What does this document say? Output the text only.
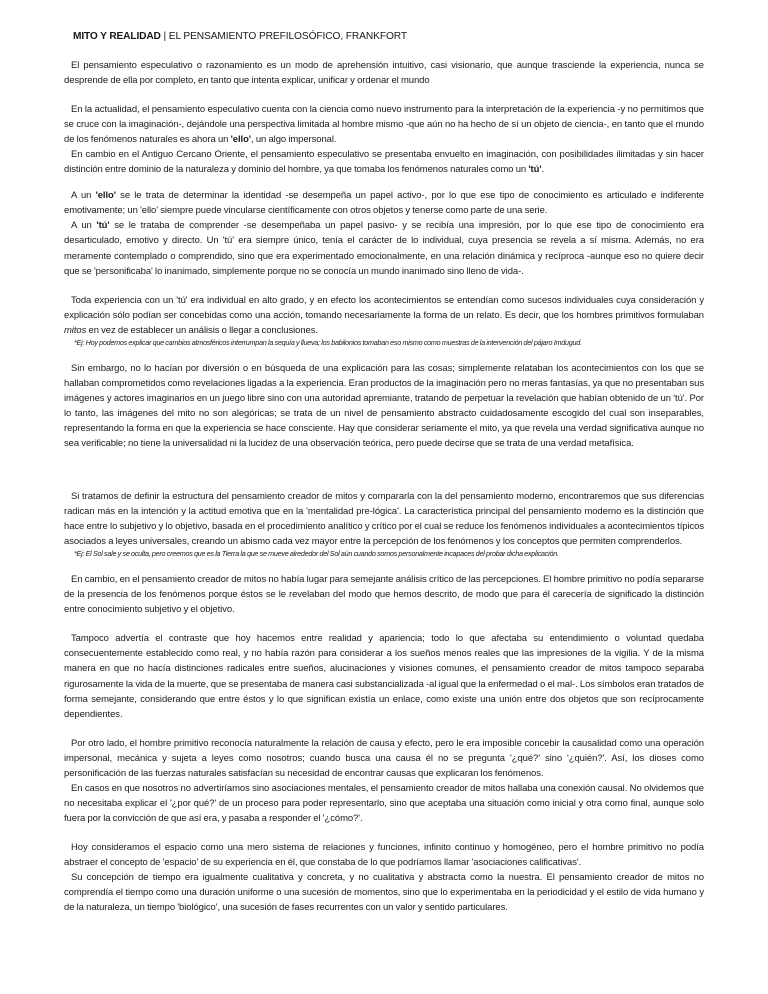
MITO Y REALIDAD | EL PENSAMIENTO PREFILOSÓFICO, FRANKFORT

El pensamiento especulativo o razonamiento es un modo de aprehensión intuitivo, casi visionario, que aunque trasciende la experiencia, nunca se desprende de ella por completo, en tanto que intenta explicar, unificar y ordenar el mundo

En la actualidad, el pensamiento especulativo cuenta con la ciencia como nuevo instrumento para la interpretación de la experiencia -y no permitimos que se cruce con la imaginación-, dejándole una perspectiva limitada al hombre mismo -que aún no ha hecho de sí un objeto de ciencia-, en tanto que el mundo de los fenómenos naturales es ahora un 'ello', un algo impersonal.

En cambio en el Antiguo Cercano Oriente, el pensamiento especulativo se presentaba envuelto en imaginación, con posibilidades ilimitadas y sin hacer distinción entre dominio de la naturaleza y dominio del hombre, ya que tomaba los fenómenos naturales como un 'tú'.

A un 'ello' se le trata de determinar la identidad -se desempeña un papel activo-, por lo que ese tipo de conocimiento es articulado e indiferente emotivamente; un 'ello' siempre puede vincularse científicamente con otros objetos y tenerse como parte de una serie.

A un 'tú' se le trataba de comprender -se desempeñaba un papel pasivo- y se recibía una impresión, por lo que ese tipo de conocimiento era desarticulado, emotivo y directo. Un 'tú' era siempre único, tenía el carácter de lo individual, cuya presencia se revela a sí misma. Además, no era meramente contemplado o comprendido, sino que era experimentado emocionalmente, en una relación dinámica y recíproca -aunque eso no quiere decir que se 'personificaba' lo inanimado, simplemente porque no se conocía un mundo inanimado sino lleno de vida-.

Toda experiencia con un 'tú' era individual en alto grado, y en efecto los acontecimientos se entendían como sucesos individuales cuya consideración y explicación sólo podían ser concebidas como una acción, tomando necesariamente la forma de un relato. Es decir, que los hombres primitivos formulaban mitos en vez de establecer un análisis o llegar a conclusiones.

*Ej: Hoy podemos explicar que cambios atmosféricos interrumpan la sequía y llueva; los babilonios tomaban eso mismo como muestras de la intervención del pájaro Imdugud.

Sin embargo, no lo hacían por diversión o en búsqueda de una explicación para las cosas; simplemente relataban los acontecimientos con los que se hallaban comprometidos como revelaciones ligadas a la experiencia. Eran productos de la imaginación pero no meras fantasías, ya que no presentaban sus imágenes y actores imaginarios en un juego libre sino con una autoridad apremiante, tratando de perpetuar la revelación que habían obtenido de un 'tú'. Por lo tanto, las imágenes del mito no son alegóricas; se trata de un nivel de pensamiento abstracto cuidadosamente escogido del cual son inseparables, representando la forma en que la experiencia se hace consciente. Hay que considerar seriamente el mito, ya que revela una verdad significativa aunque no sea verificable; no tiene la universalidad ni la lucidez de una observación teórica, pero puede decirse que se trata de una verdad metafísica.

Si tratamos de definir la estructura del pensamiento creador de mitos y compararla con la del pensamiento moderno, encontraremos que sus diferencias radican más en la intención y la actitud emotiva que en la 'mentalidad pre-lógica'. La característica principal del pensamiento moderno es la distinción que hace entre lo subjetivo y lo objetivo, basada en el procedimiento analítico y crítico por el cual se reduce los fenómenos individuales a acontecimientos típicos asociados a leyes universales, creando un abismo cada vez mayor entre la percepción de los fenómenos y los conceptos que permiten comprenderlos.

*Ej: El Sol sale y se oculta, pero creemos que es la Tierra la que se mueve alrededor del Sol aún cuando somos personalmente incapaces del probar dicha explicación.

En cambio, en el pensamiento creador de mitos no había lugar para semejante análisis crítico de las percepciones. El hombre primitivo no podía separarse de la presencia de los fenómenos porque éstos se le revelaban del modo que hemos descrito, de modo que para él carecería de significado la distinción entre conocimiento subjetivo y el objetivo.

Tampoco advertía el contraste que hoy hacemos entre realidad y apariencia; todo lo que afectaba su entendimiento o voluntad quedaba consecuentemente establecido como real, y no había razón para considerar a los sueños menos reales que las impresiones de la vigilia. Y de la misma manera en que no hacía distinciones radicales entre sueños, alucinaciones y visiones comunes, el pensamiento creador de mitos tampoco separaba rigurosamente la vida de la muerte, que se presentaba de manera casi substancializada -al igual que la enfermedad o el mal-. Los símbolos eran tratados de forma semejante, considerando que entre éstos y lo que significan existía un enlace, como existe una unión entre dos objetos que son recíprocamente dependientes.

Por otro lado, el hombre primitivo reconocía naturalmente la relación de causa y efecto, pero le era imposible concebir la causalidad como una operación impersonal, mecánica y sujeta a leyes como nosotros; cuando busca una causa él no se pregunta '¿qué?' sino '¿quién?'. Así, los dioses como personificación de las fuerzas naturales satisfacían su necesidad de encontrar causas que explicaran los fenómenos.

En casos en que nosotros no advertiríamos sino asociaciones mentales, el pensamiento creador de mitos hallaba una conexión causal. No olvidemos que no necesitaba explicar el '¿por qué?' de un proceso para poder representarlo, sino que aceptaba una situación como inicial y otra como final, aunque solo fuera por la convicción de que así era, y pasaba a responder el '¿cómo?'.

Hoy consideramos el espacio como una mero sistema de relaciones y funciones, infinito continuo y homogéneo, pero el hombre primitivo no podía abstraer el concepto de 'espacio' de su experiencia en él, que constaba de lo que podríamos llamar 'asociaciones calificativas'.

Su concepción de tiempo era igualmente cualitativa y concreta, y no cualitativa y abstracta como la nuestra. El pensamiento creador de mitos no comprendía el tiempo como una duración uniforme o una sucesión de momentos, sino que lo experimentaba en la periodicidad y el estilo de vida humano y de la naturaleza, un tiempo 'biológico', una sucesión de fases recurrentes con un valor y sentido particulares.
